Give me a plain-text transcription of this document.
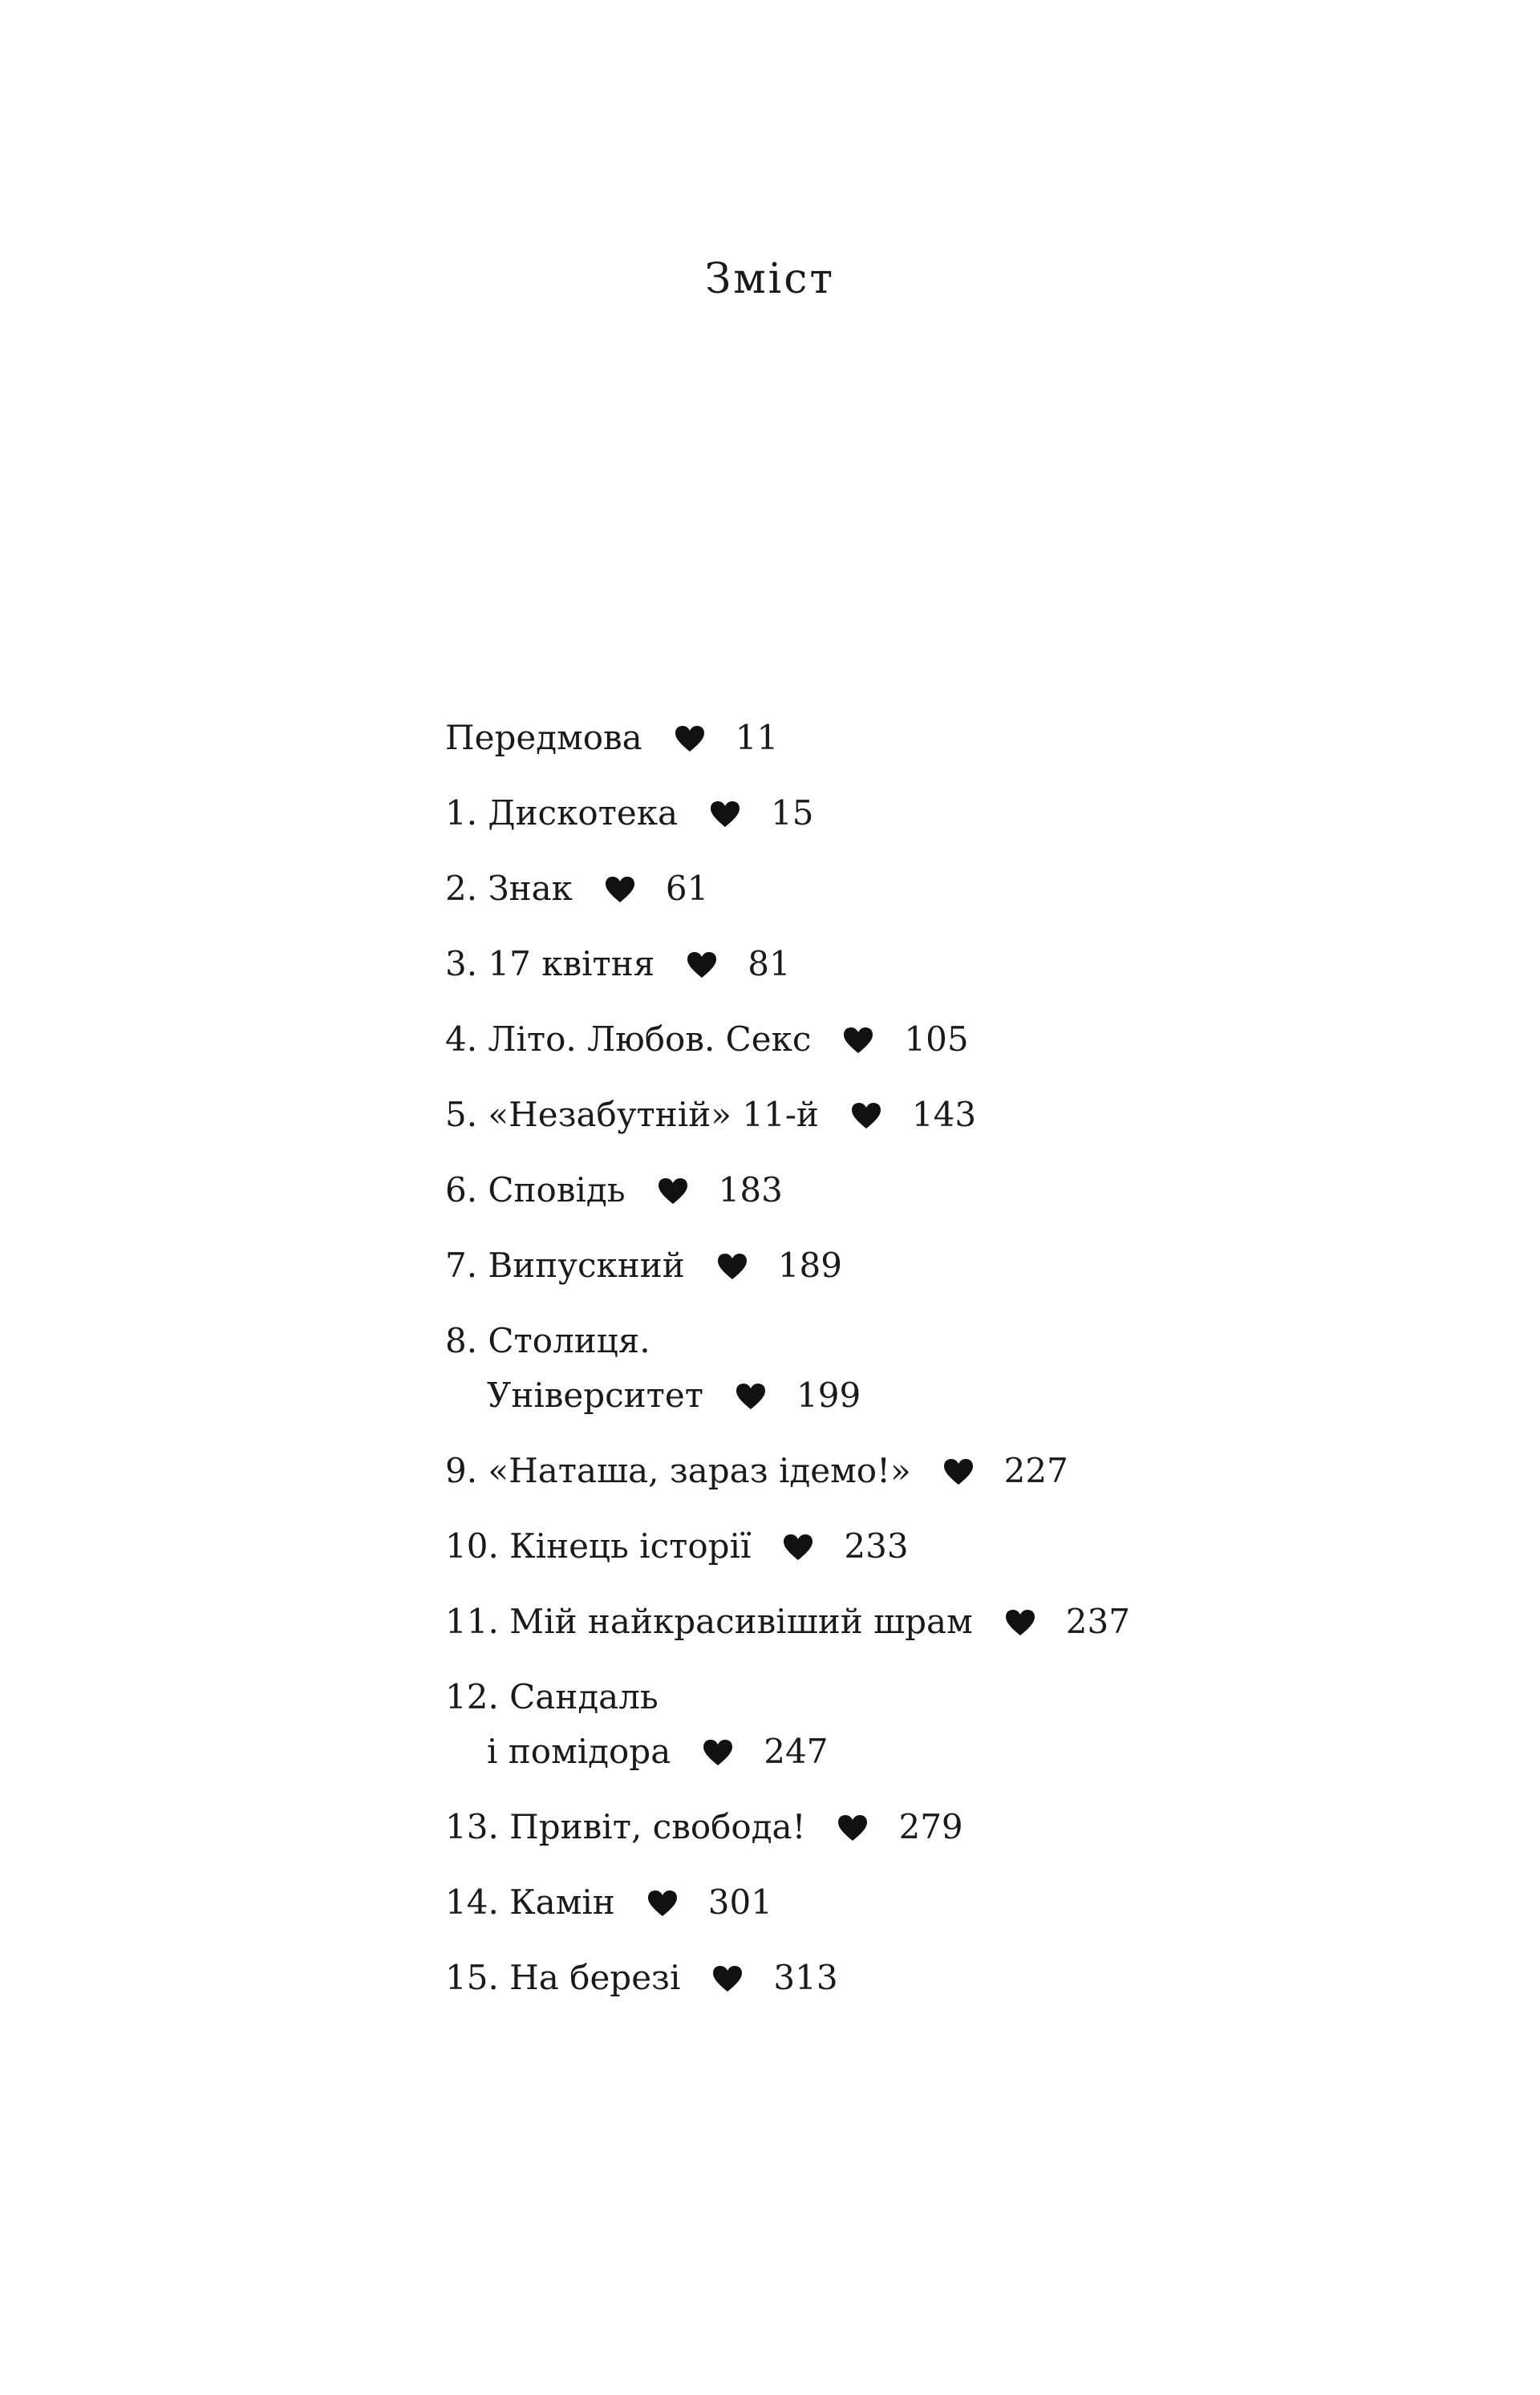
Зміст
Передмова	11
1. Дискотека	15
2. Знак	61
3. 17 квітня	81
4. Літо. Любов. Секс	105
5. «Незабутній» 11-й	143
6. Сповідь	183
7. Випускний	189
8. Столиця.
Університет	199
9. «Наташа, зараз ідемо!»	227
10. Кінець історії	233
11. Мій найкрасивіший шрам	237
12. Сандаль
і помідора	247
13. Привіт, свобода!	279
14. Камін	301
15. На березі	313
